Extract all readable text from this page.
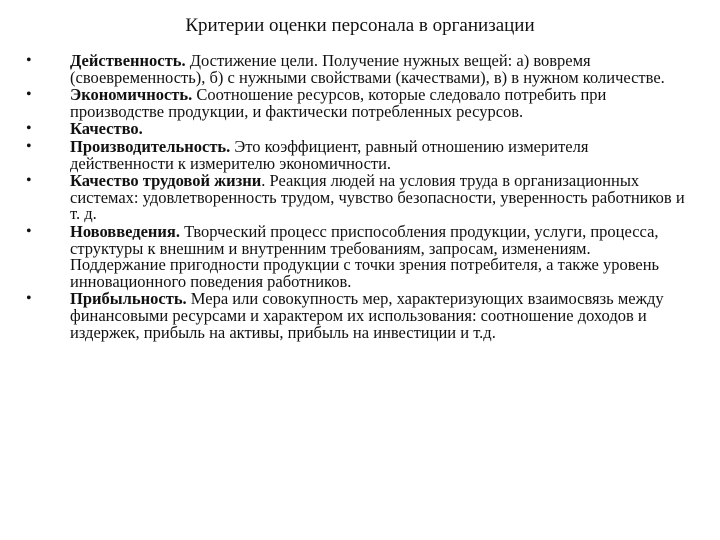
Критерии оценки персонала в организации
•	Действенность. Достижение цели. Получение нужных вещей: а) вовремя (своевременность), б) с нужными свойствами (качествами), в) в нужном количестве.
•	Экономичность. Соотношение ресурсов, которые следовало потребить при производстве продукции, и фактически потребленных ресурсов.
•	Качество.
•	Производительность. Это коэффициент, равный отношению измерителя действенности к измерителю экономичности.
•	Качество трудовой жизни. Реакция людей на условия труда в организационных системах: удовлетворенность трудом, чувство безопасности, уверенность работников и т. д.
•	Нововведения. Творческий процесс приспособления продукции, услуги, процесса, структуры к внешним и внутренним требованиям, запросам, изменениям. Поддержание пригодности продукции с точки зрения потребителя, а также уровень инновационного поведения работников.
•	Прибыльность. Мера или совокупность мер, характеризующих взаимосвязь между финансовыми ресурсами и характером их использования: соотношение доходов и издержек, прибыль на активы, прибыль на инвестиции и т.д.
